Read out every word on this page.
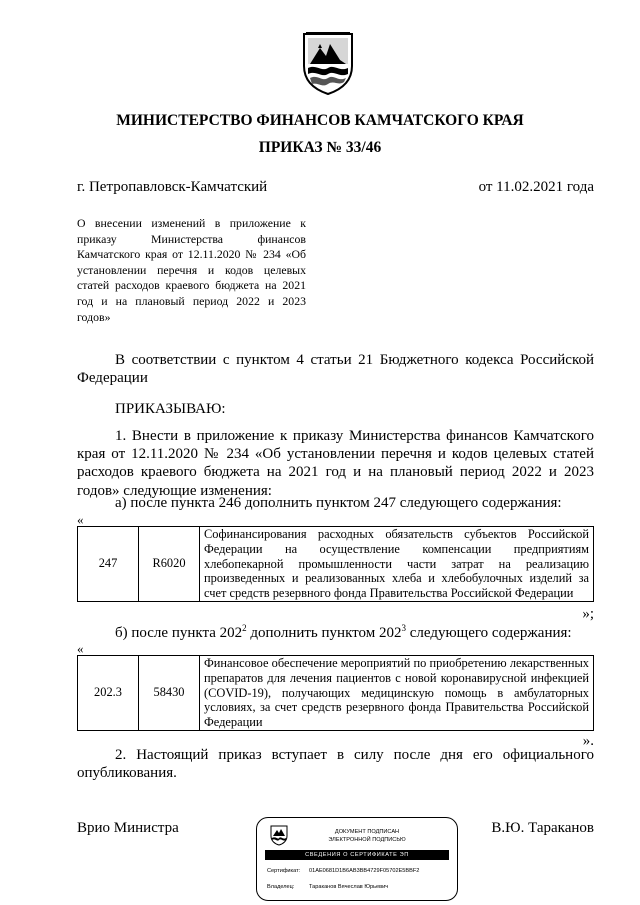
МИНИСТЕРСТВО ФИНАНСОВ КАМЧАТСКОГО КРАЯ
ПРИКАЗ № 33/46
г. Петропавловск-Камчатский	от 11.02.2021 года
О внесении изменений в приложение к приказу Министерства финансов Камчатского края от 12.11.2020 № 234 «Об установлении перечня и кодов целевых статей расходов краевого бюджета на 2021 год и на плановый период 2022 и 2023 годов»

В соответствии с пунктом 4 статьи 21 Бюджетного кодекса Российской Федерации

ПРИКАЗЫВАЮ:

1. Внести в приложение к приказу Министерства финансов Камчатского края от 12.11.2020 № 234 «Об установлении перечня и кодов целевых статей расходов краевого бюджета на 2021 год и на плановый период 2022 и 2023 годов» следующие изменения:

а) после пункта 246 дополнить пунктом 247 следующего содержания:

«
247	R6020	Софинансирования расходных обязательств субъектов Российской Федерации на осуществление компенсации предприятиям хлебопекарной промышленности части затрат на реализацию произведенных и реализованных хлеба и хлебобулочных изделий за счет средств резервного фонда Правительства Российской Федерации
»;

б) после пункта $202^2$ дополнить пунктом $202^3$ следующего содержания:

«
202.3	58430	Финансовое обеспечение мероприятий по приобретению лекарственных препаратов для лечения пациентов с новой коронавирусной инфекцией (COVID-19), получающих медицинскую помощь в амбулаторных условиях, за счет средств резервного фонда Правительства Российской Федерации
».

2. Настоящий приказ вступает в силу после дня его официального опубликования.

Врио Министра	В.Ю. Тараканов
ДОКУМЕНТ ПОДПИСАН
ЭЛЕКТРОННОЙ ПОДПИСЬЮ
СВЕДЕНИЯ О СЕРТИФИКАТЕ ЭП
Сертификат: 01AE0681D1B6AB3BB4729F05702E5BBF2
Владелец:	Тараканов Вячеслав Юрьевич
